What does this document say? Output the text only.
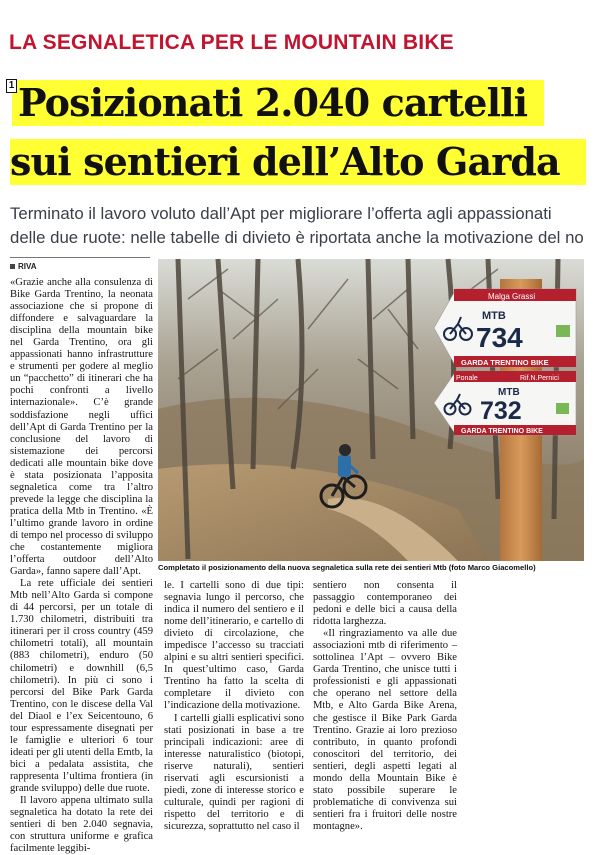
LA SEGNALETICA PER LE MOUNTAIN BIKE
1 Posizionati 2.040 cartelli
sui sentieri dell’Alto Garda
Terminato il lavoro voluto dall’Apt per migliorare l’offerta agli appassionati
delle due ruote: nelle tabelle di divieto è riportata anche la motivazione del no
RIVA

«Grazie anche alla consulenza di Bike Garda Trentino, la neonata associazione che si propone di diffondere e salvaguardare la disciplina della mountain bike nel Garda Trentino, ora gli appassionati hanno infrastrutture e strumenti per godere al meglio un “pacchetto” di itinerari che ha pochi confronti a livello internazionale». C’è grande soddisfazione negli uffici dell’Apt di Garda Trentino per la conclusione del lavoro di sistemazione dei percorsi dedicati alle mountain bike dove è stata posizionata l’apposita segnaletica come tra l’altro prevede la legge che disciplina la pratica della Mtb in Trentino. «È l’ultimo grande lavoro in ordine di tempo nel processo di sviluppo che costantemente migliora l’offerta outdoor dell’Alto Garda», fanno sapere dall’Apt.

La rete ufficiale dei sentieri Mtb nell’Alto Garda si compone di 44 percorsi, per un totale di 1.730 chilometri, distribuiti tra itinerari per il cross country (459 chilometri totali), all mountain (883 chilometri), enduro (50 chilometri) e downhill (6,5 chilometri). In più ci sono i percorsi del Bike Park Garda Trentino, con le discese della Val del Diaol e l’ex Seicentouno, 6 tour espressamente disegnati per le famiglie e ulteriori 6 tour ideati per gli utenti della Emtb, la bici a pedalata assistita, che rappresenta l’ultima frontiera (in grande sviluppo) delle due ruote.

Il lavoro appena ultimato sulla segnaletica ha dotato la rete dei sentieri di ben 2.040 segnavia, con struttura uniforme e grafica facilmente leggibi-

Malga Grassi
MTB
734
GARDA TRENTINO BIKE
Ponale	Rif.N.Pernici
MTB
732
GARDA TRENTINO BIKE
Completato il posizionamento della nuova segnaletica sulla rete dei sentieri Mtb (foto Marco Giacomello)

le. I cartelli sono di due tipi: segnavia lungo il percorso, che indica il numero del sentiero e il nome dell’itinerario, e cartello di divieto di circolazione, che impedisce l’accesso su tracciati alpini e su altri sentieri specifici. In quest’ultimo caso, Garda Trentino ha fatto la scelta di completare il divieto con l’indicazione della motivazione.

I cartelli gialli esplicativi sono stati posizionati in base a tre principali indicazioni: aree di interesse naturalistico (biotopi, riserve naturali), sentieri riservati agli escursionisti a piedi, zone di interesse storico e culturale, quindi per ragioni di rispetto del territorio e di sicurezza, soprattutto nel caso il

sentiero non consenta il passaggio contemporaneo dei pedoni e delle bici a causa della ridotta larghezza.

«Il ringraziamento va alle due associazioni mtb di riferimento – sottolinea l’Apt – ovvero Bike Garda Trentino, che unisce tutti i professionisti e gli appassionati che operano nel settore della Mtb, e Alto Garda Bike Arena, che gestisce il Bike Park Garda Trentino. Grazie ai loro prezioso contributo, in quanto profondi conoscitori del territorio, dei sentieri, degli aspetti legati al mondo della Mountain Bike è stato possibile superare le problematiche di convivenza sui sentieri fra i fruitori delle nostre montagne».
